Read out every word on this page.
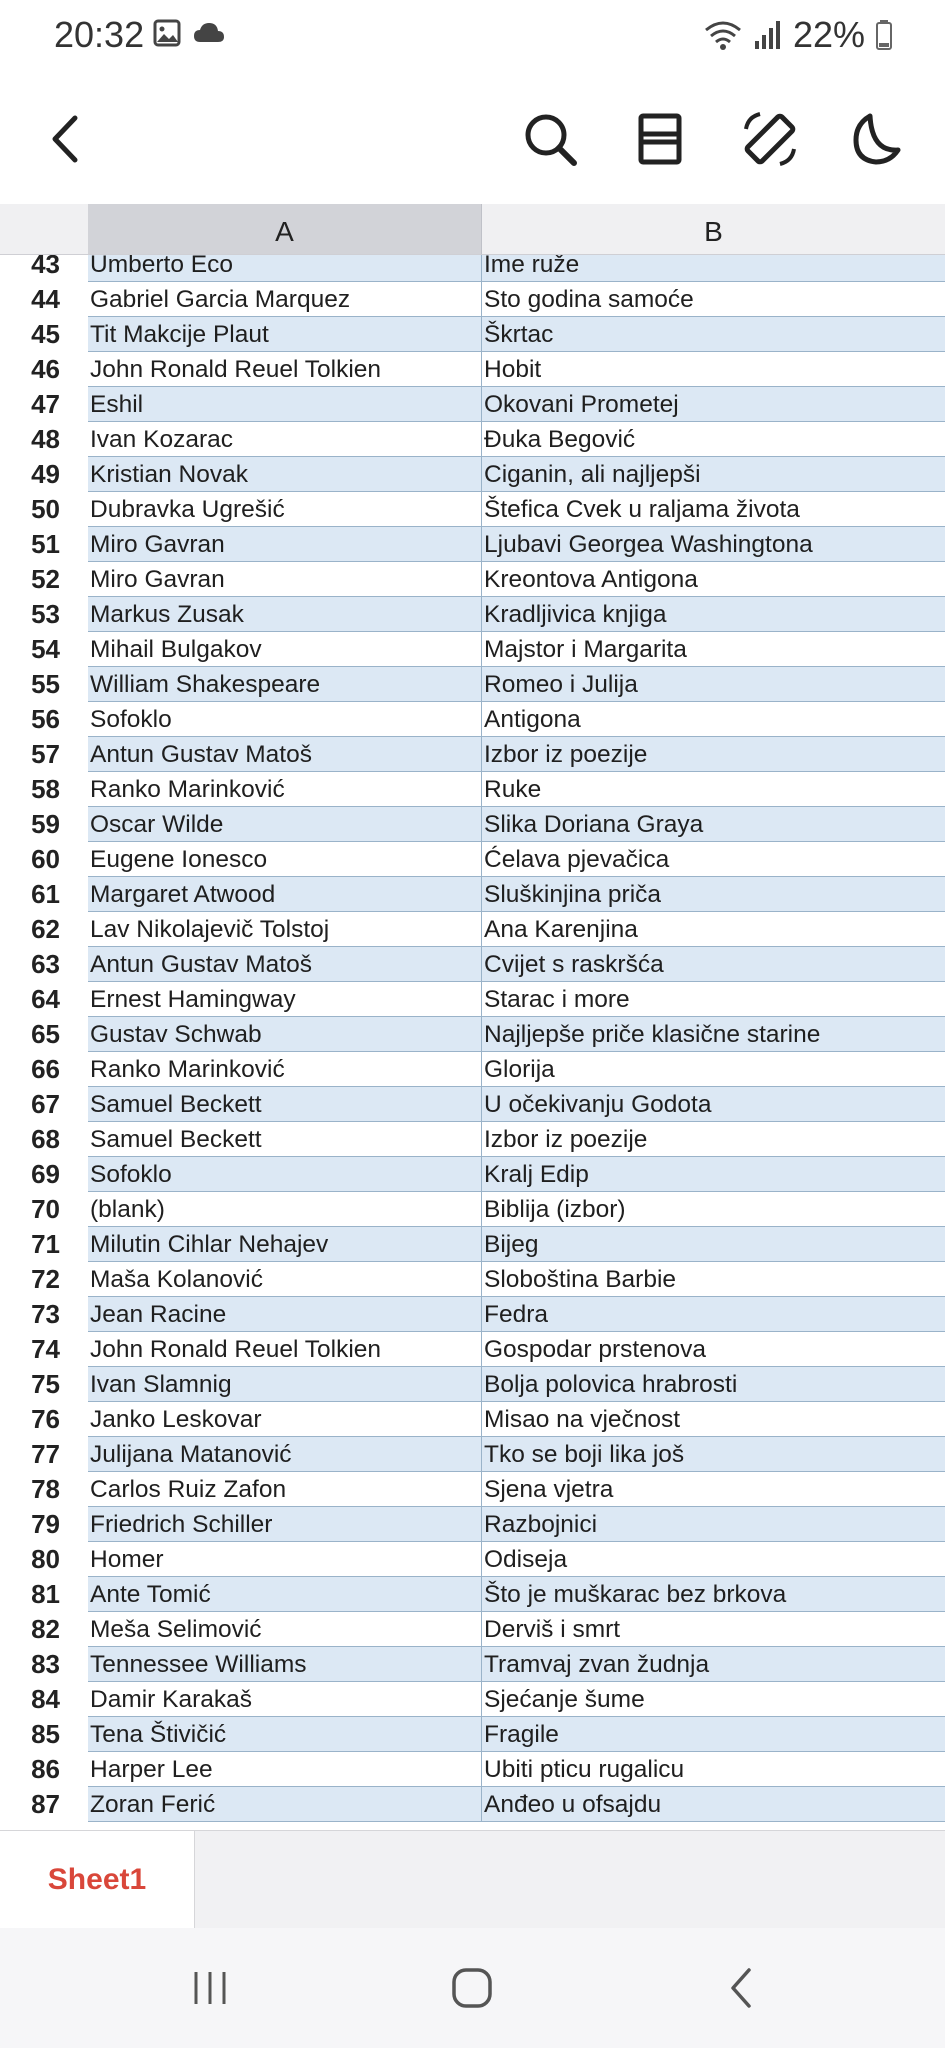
20:32	22%
A	B
43	Umberto Eco	Ime ruže
44	Gabriel Garcia Marquez	Sto godina samoće
45	Tit Makcije Plaut	Škrtac
46	John Ronald Reuel Tolkien	Hobit
47	Eshil	Okovani Prometej
48	Ivan Kozarac	Đuka Begović
49	Kristian Novak	Ciganin, ali najljepši
50	Dubravka Ugrešić	Štefica Cvek u raljama života
51	Miro Gavran	Ljubavi Georgea Washingtona
52	Miro Gavran	Kreontova Antigona
53	Markus Zusak	Kradljivica knjiga
54	Mihail Bulgakov	Majstor i Margarita
55	William Shakespeare	Romeo i Julija
56	Sofoklo	Antigona
57	Antun Gustav Matoš	Izbor iz poezije
58	Ranko Marinković	Ruke
59	Oscar Wilde	Slika Doriana Graya
60	Eugene Ionesco	Ćelava pjevačica
61	Margaret Atwood	Sluškinjina priča
62	Lav Nikolajevič Tolstoj	Ana Karenjina
63	Antun Gustav Matoš	Cvijet s raskršća
64	Ernest Hamingway	Starac i more
65	Gustav Schwab	Najljepše priče klasične starine
66	Ranko Marinković	Glorija
67	Samuel Beckett	U očekivanju Godota
68	Samuel Beckett	Izbor iz poezije
69	Sofoklo	Kralj Edip
70	(blank)	Biblija (izbor)
71	Milutin Cihlar Nehajev	Bijeg
72	Maša Kolanović	Sloboština Barbie
73	Jean Racine	Fedra
74	John Ronald Reuel Tolkien	Gospodar prstenova
75	Ivan Slamnig	Bolja polovica hrabrosti
76	Janko Leskovar	Misao na vječnost
77	Julijana Matanović	Tko se boji lika još
78	Carlos Ruiz Zafon	Sjena vjetra
79	Friedrich Schiller	Razbojnici
80	Homer	Odiseja
81	Ante Tomić	Što je muškarac bez brkova
82	Meša Selimović	Derviš i smrt
83	Tennessee Williams	Tramvaj zvan žudnja
84	Damir Karakaš	Sjećanje šume
85	Tena Štivičić	Fragile
86	Harper Lee	Ubiti pticu rugalicu
87	Zoran Ferić	Anđeo u ofsajdu
Sheet1
